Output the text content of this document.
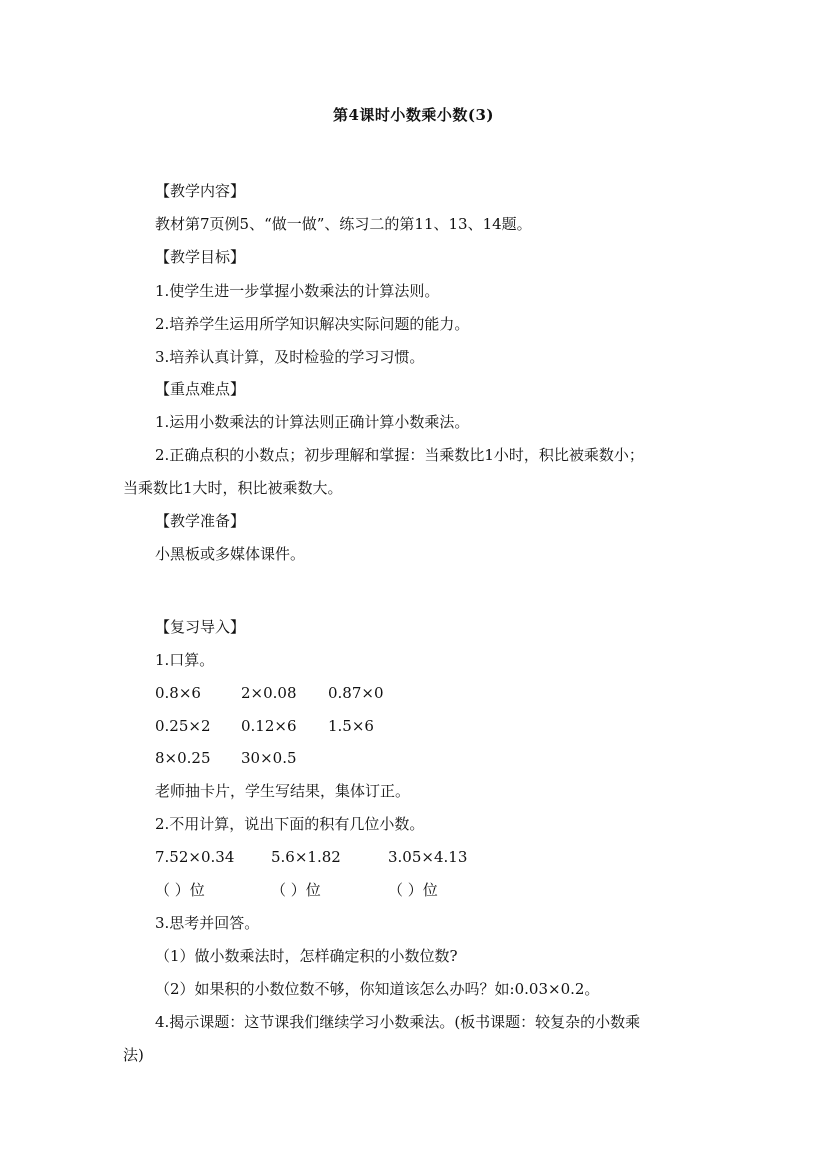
第4课时小数乘小数(3)
【教学内容】
教材第7页例5、“做一做”、练习二的第11、13、14题。
【教学目标】
1.使学生进一步掌握小数乘法的计算法则。
2.培养学生运用所学知识解决实际问题的能力。
3.培养认真计算，及时检验的学习习惯。
【重点难点】
1.运用小数乘法的计算法则正确计算小数乘法。
2.正确点积的小数点；初步理解和掌握：当乘数比1小时，积比被乘数小；
当乘数比1大时，积比被乘数大。
【教学准备】
小黑板或多媒体课件。
【复习导入】
1.口算。
0.8×6	2×0.08 0.87×0
0.25×2 0.12×6 1.5×6
8×0.25 30×0.5
老师抽卡片，学生写结果，集体订正。
2.不用计算，说出下面的积有几位小数。
7.52×0.34 5.6×1.82	3.05×4.13
（ ）位	（ ）位	（ ）位
3.思考并回答。
（1）做小数乘法时，怎样确定积的小数位数?
（2）如果积的小数位数不够，你知道该怎么办吗？如:0.03×0.2。
4.揭示课题：这节课我们继续学习小数乘法。(板书课题：较复杂的小数乘
法)
